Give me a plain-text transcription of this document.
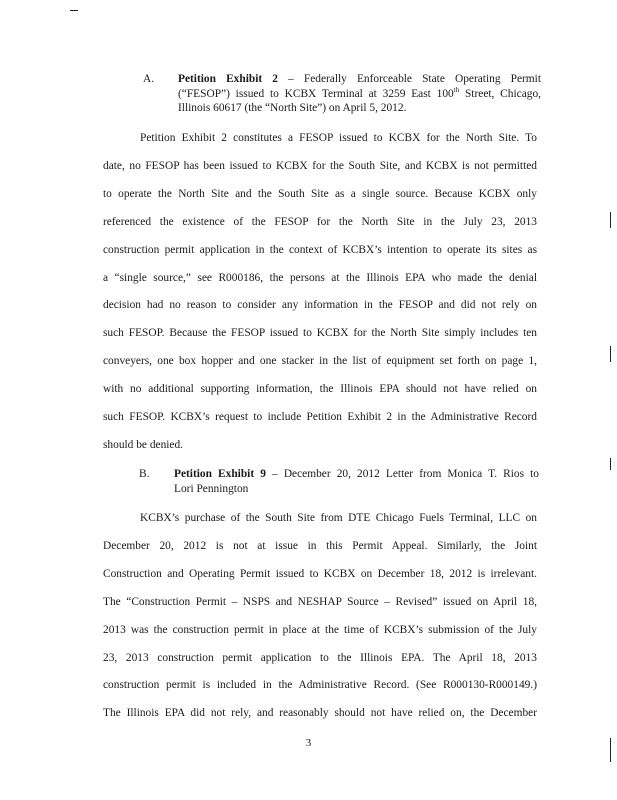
A. Petition Exhibit 2 – Federally Enforceable State Operating Permit
(“FESOP”) issued to KCBX Terminal at 3259 East 100th Street, Chicago,
Illinois 60617 (the “North Site”) on April 5, 2012.
Petition Exhibit 2 constitutes a FESOP issued to KCBX for the North Site. To
date, no FESOP has been issued to KCBX for the South Site, and KCBX is not permitted
to operate the North Site and the South Site as a single source. Because KCBX only
referenced the existence of the FESOP for the North Site in the July 23, 2013
construction permit application in the context of KCBX’s intention to operate its sites as
a “single source,” see R000186, the persons at the Illinois EPA who made the denial
decision had no reason to consider any information in the FESOP and did not rely on
such FESOP. Because the FESOP issued to KCBX for the North Site simply includes ten
conveyers, one box hopper and one stacker in the list of equipment set forth on page 1,
with no additional supporting information, the Illinois EPA should not have relied on
such FESOP. KCBX’s request to include Petition Exhibit 2 in the Administrative Record
should be denied.
B. Petition Exhibit 9 – December 20, 2012 Letter from Monica T. Rios to
Lori Pennington
KCBX’s purchase of the South Site from DTE Chicago Fuels Terminal, LLC on
December 20, 2012 is not at issue in this Permit Appeal. Similarly, the Joint
Construction and Operating Permit issued to KCBX on December 18, 2012 is irrelevant.
The “Construction Permit – NSPS and NESHAP Source – Revised” issued on April 18,
2013 was the construction permit in place at the time of KCBX’s submission of the July
23, 2013 construction permit application to the Illinois EPA. The April 18, 2013
construction permit is included in the Administrative Record. (See R000130-R000149.)
The Illinois EPA did not rely, and reasonably should not have relied on, the December
3
